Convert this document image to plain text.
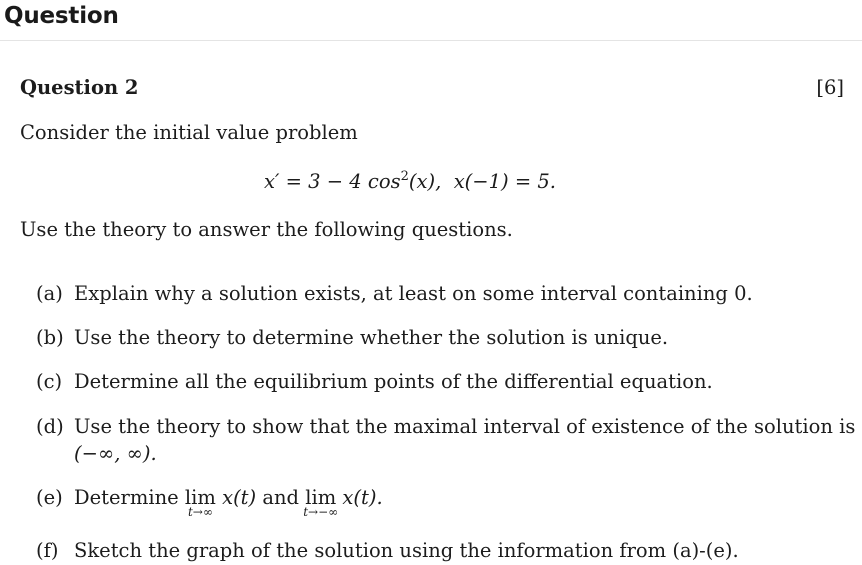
Question
Question 2	[6]
Consider the initial value problem
x′ = 3 − 4 $\cos^2(x)$, x(−1) = 5.
Use the theory to answer the following questions.
(a) Explain why a solution exists, at least on some interval containing 0.
(b) Use the theory to determine whether the solution is unique.
(c) Determine all the equilibrium points of the differential equation.
(d) Use the theory to show that the maximal interval of existence of the solution is
(−∞, ∞).
(e) Determine lim
t→∞
x(t) and lim
t→−∞
x(t).
(f) Sketch the graph of the solution using the information from (a)-(e).
